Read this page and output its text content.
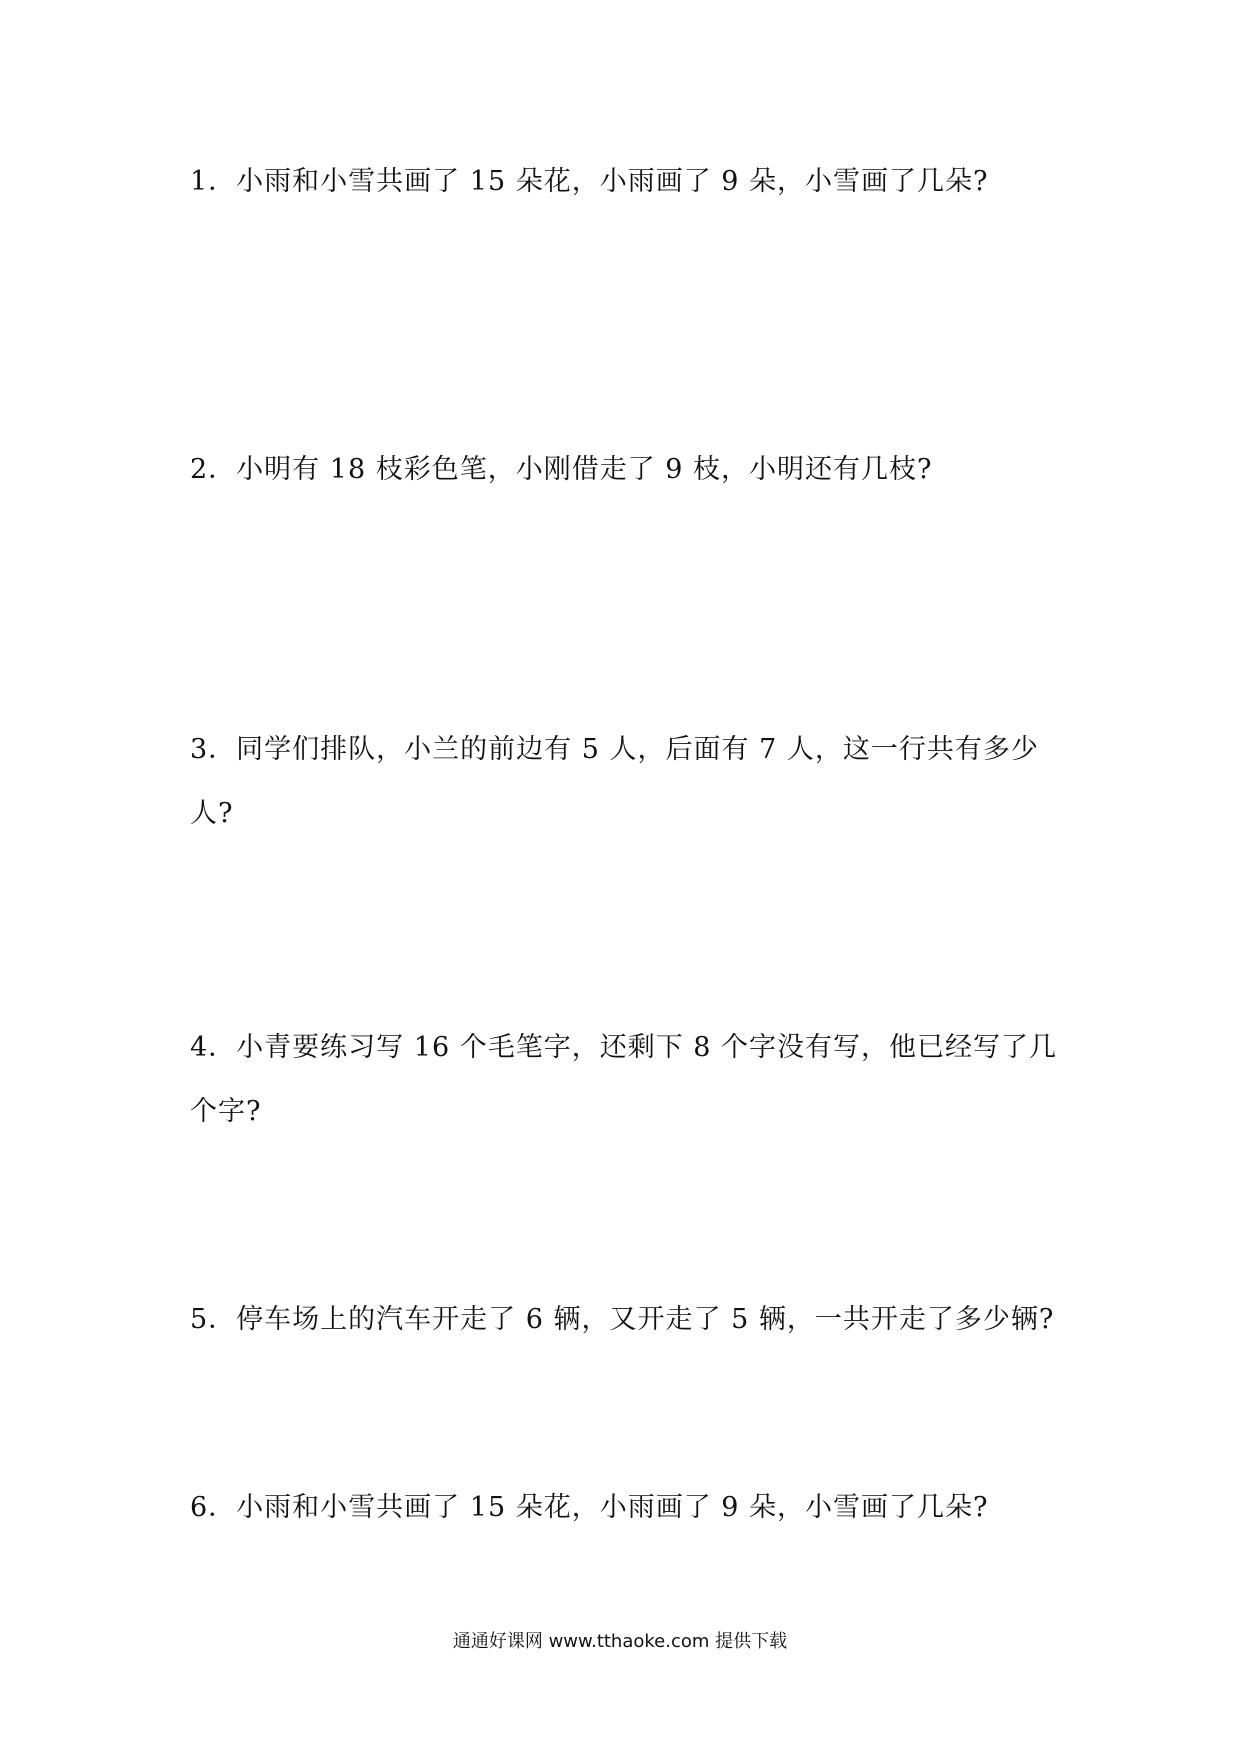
1．小雨和小雪共画了 15 朵花，小雨画了 9 朵，小雪画了几朵?

2．小明有 18 枝彩色笔，小刚借走了 9 枝，小明还有几枝?

3．同学们排队，小兰的前边有 5 人，后面有 7 人，这一行共有多少
人?

4．小青要练习写 16 个毛笔字，还剩下 8 个字没有写，他已经写了几
个字?

5．停车场上的汽车开走了 6 辆，又开走了 5 辆，一共开走了多少辆?

6．小雨和小雪共画了 15 朵花，小雨画了 9 朵，小雪画了几朵?

通通好课网 www.tthaoke.com 提供下载
